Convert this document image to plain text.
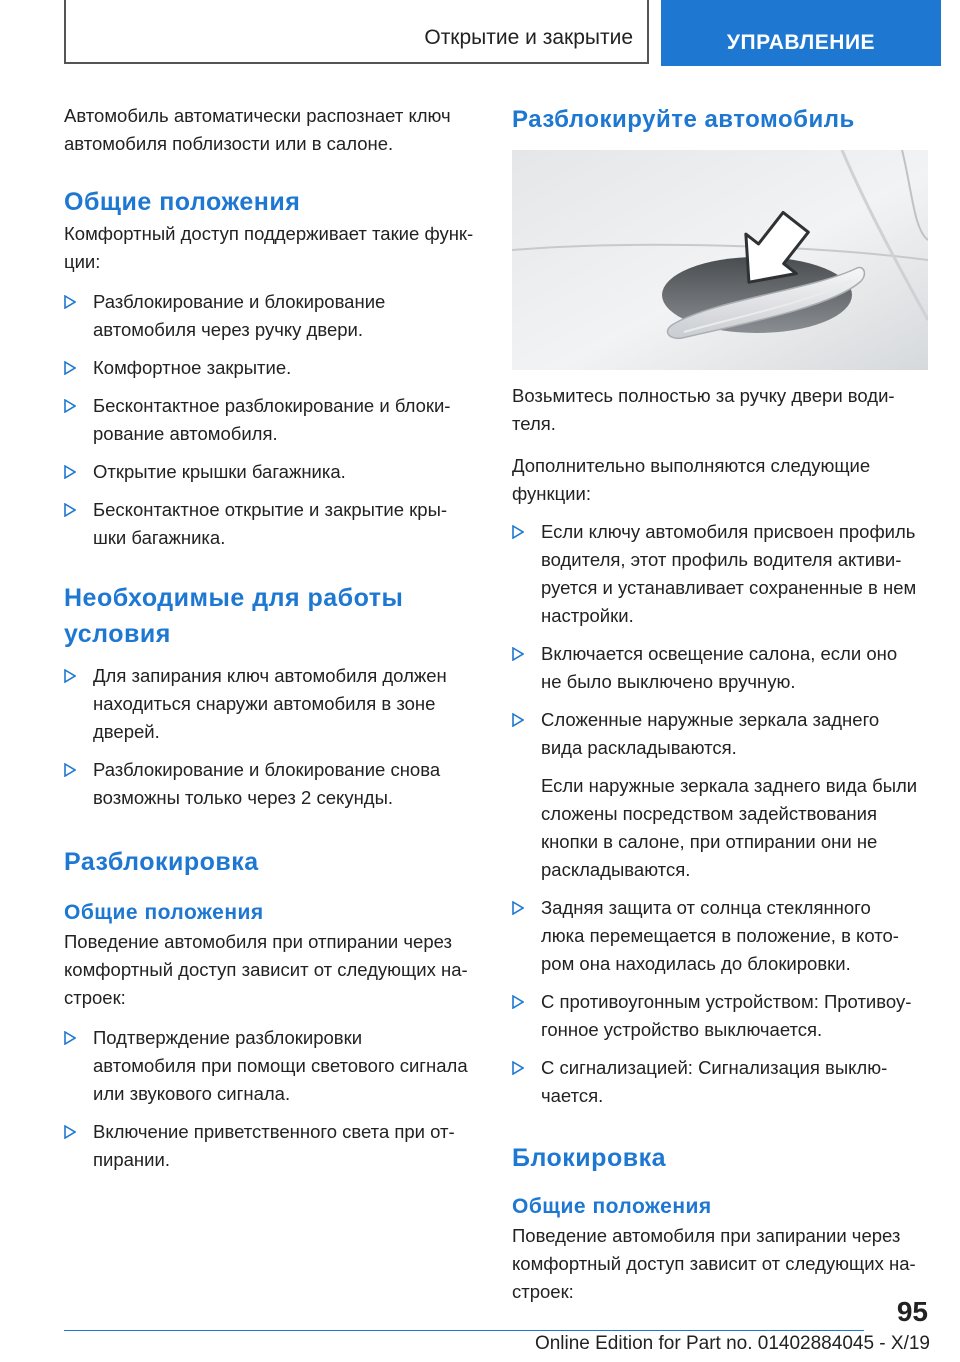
Открытие и закрытие	УПРАВЛЕНИЕ

Автомобиль автоматически распознает ключ
автомобиля поблизости или в салоне.

Общие положения

Комфортный доступ поддерживает такие функ-
ции:

Разблокирование и блокирование
автомобиля через ручку двери.
Комфортное закрытие.
Бесконтактное разблокирование и блоки-
рование автомобиля.
Открытие крышки багажника.
Бесконтактное открытие и закрытие кры-
шки багажника.
Необходимые для работы
условия
Для запирания ключ автомобиля должен
находиться снаружи автомобиля в зоне
дверей.
Разблокирование и блокирование снова
возможны только через 2 секунды.
Разблокировка
Общие положения

Поведение автомобиля при отпирании через
комфортный доступ зависит от следующих на-
строек:

Подтверждение разблокировки
автомобиля при помощи светового сигнала
или звукового сигнала.
Включение приветственного света при от-
пирании.
Разблокируйте автомобиль

Возьмитесь полностью за ручку двери води-
теля.

Дополнительно выполняются следующие
функции:

Если ключу автомобиля присвоен профиль
водителя, этот профиль водителя активи-
руется и устанавливает сохраненные в нем
настройки.
Включается освещение салона, если оно
не было выключено вручную.
Сложенные наружные зеркала заднего
вида раскладываются.
Если наружные зеркала заднего вида были
сложены посредством задействования
кнопки в салоне, при отпирании они не
раскладываются.
Задняя защита от солнца стеклянного
люка перемещается в положение, в кото-
ром она находилась до блокировки.
С противоугонным устройством: Противоу-
гонное устройство выключается.
С сигнализацией: Сигнализация выклю-
чается.
Блокировка
Общие положения

Поведение автомобиля при запирании через
комфортный доступ зависит от следующих на-
строек:

95
Online Edition for Part no. 01402884045 - X/19
